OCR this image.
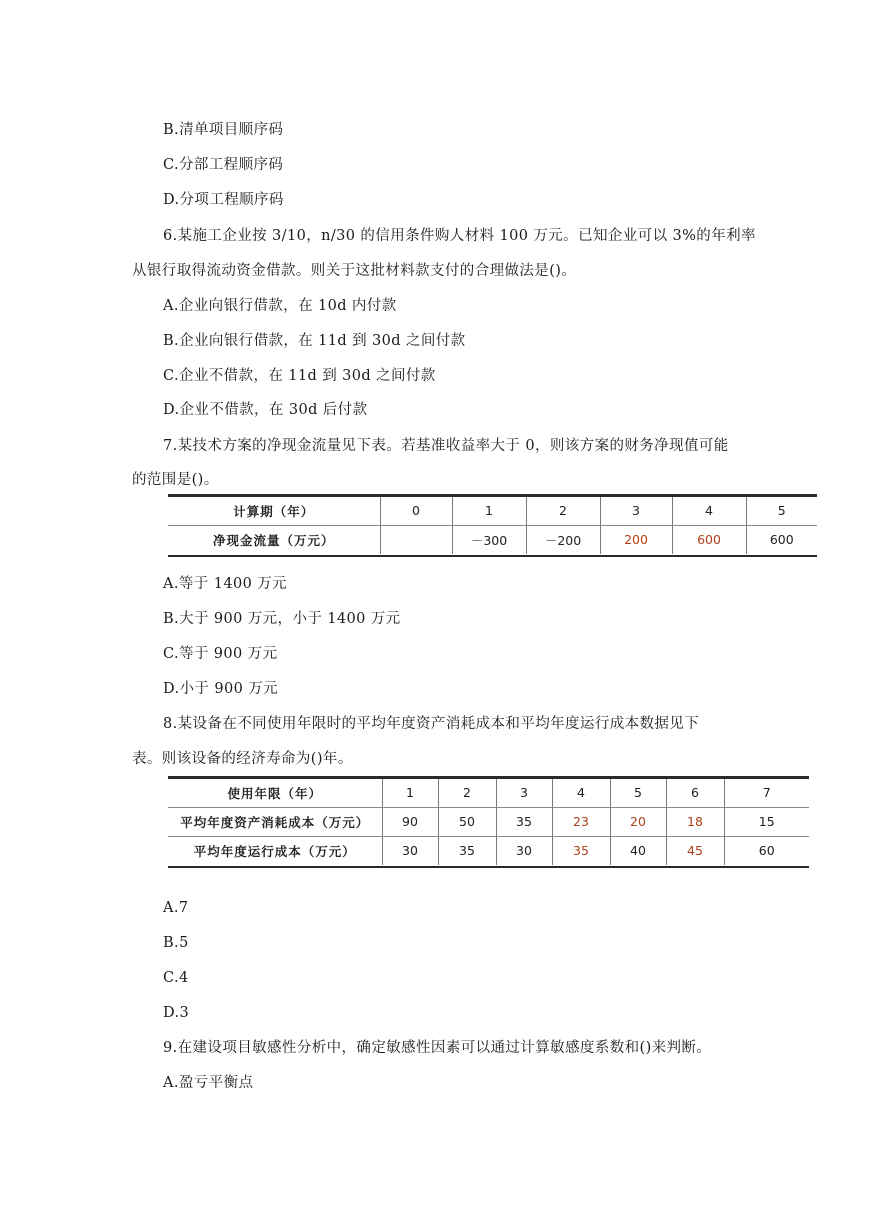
B.清单项目顺序码
C.分部工程顺序码
D.分项工程顺序码
6.某施工企业按 3/10，n/30 的信用条件购人材料 100 万元。已知企业可以 3%的年利率
从银行取得流动资金借款。则关于这批材料款支付的合理做法是()。
A.企业向银行借款，在 10d 内付款
B.企业向银行借款，在 11d 到 30d 之间付款
C.企业不借款，在 11d 到 30d 之间付款
D.企业不借款，在 30d 后付款
7.某技术方案的净现金流量见下表。若基准收益率大于 0，则该方案的财务净现值可能
的范围是()。
计算期（年）	0	1	2	3	4	5
净现金流量（万元）		－300	－200	200	600	600
A.等于 1400 万元
B.大于 900 万元，小于 1400 万元
C.等于 900 万元
D.小于 900 万元
8.某设备在不同使用年限时的平均年度资产消耗成本和平均年度运行成本数据见下
表。则该设备的经济寿命为()年。
使用年限（年）	1	2	3	4	5	6	7
平均年度资产消耗成本（万元）	90	50	35	23	20	18	15
平均年度运行成本（万元）	30	35	30	35	40	45	60
A.7
B.5
C.4
D.3
9.在建设项目敏感性分析中，确定敏感性因素可以通过计算敏感度系数和()来判断。
A.盈亏平衡点
